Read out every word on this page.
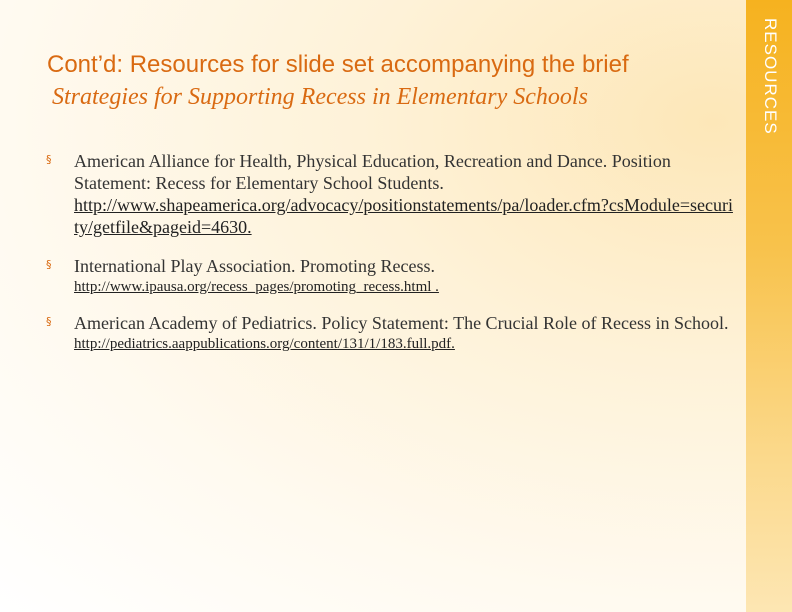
RESOURCES
Cont’d: Resources for slide set accompanying the brief
Strategies for Supporting Recess in Elementary Schools
§ American Alliance for Health, Physical Education, Recreation and Dance. Position Statement: Recess for Elementary School Students.
http://www.shapeamerica.org/advocacy/positionstatements/pa/loader.cfm?csModule=security/getfile&pageid=4630.
§ International Play Association. Promoting Recess.
http://www.ipausa.org/recess_pages/promoting_recess.html .
§ American Academy of Pediatrics. Policy Statement: The Crucial Role of Recess in School.
http://pediatrics.aappublications.org/content/131/1/183.full.pdf.
